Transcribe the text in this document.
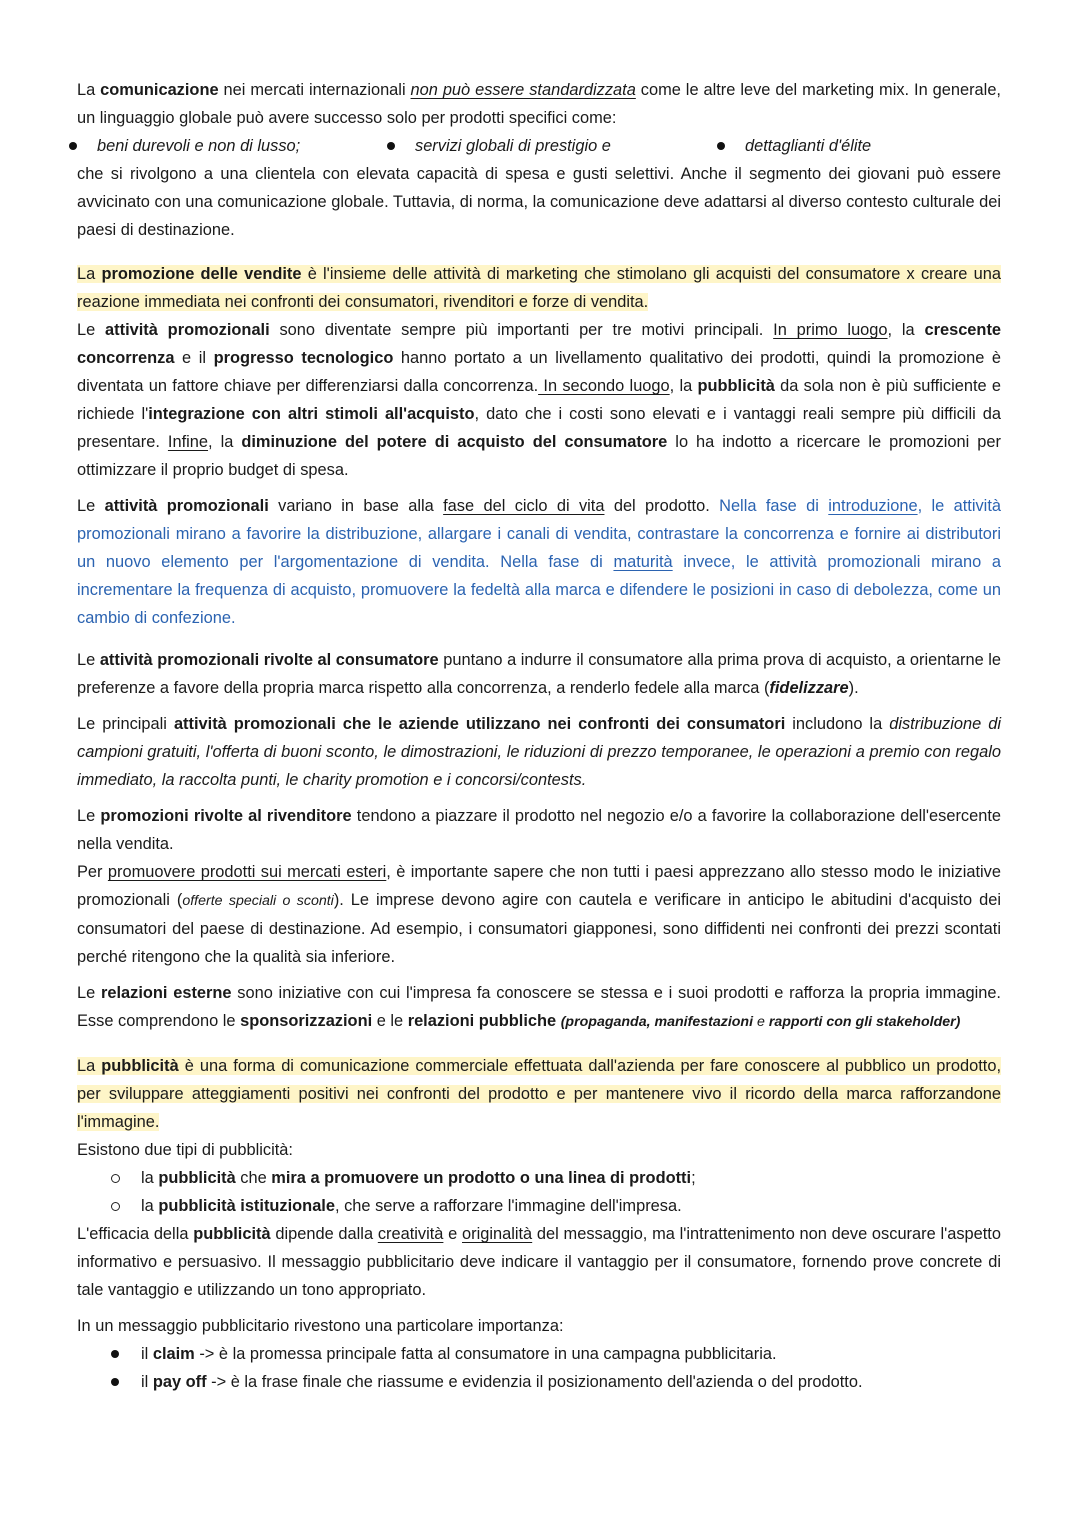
La comunicazione nei mercati internazionali non può essere standardizzata come le altre leve del marketing mix. In generale, un linguaggio globale può avere successo solo per prodotti specifici come:

beni durevoli e non di lusso;	servizi globali di prestigio e	dettaglianti d'élite

che si rivolgono a una clientela con elevata capacità di spesa e gusti selettivi. Anche il segmento dei giovani può essere avvicinato con una comunicazione globale. Tuttavia, di norma, la comunicazione deve adattarsi al diverso contesto culturale dei paesi di destinazione.

La promozione delle vendite è l'insieme delle attività di marketing che stimolano gli acquisti del consumatore x creare una reazione immediata nei confronti dei consumatori, rivenditori e forze di vendita.

Le attività promozionali sono diventate sempre più importanti per tre motivi principali. In primo luogo, la crescente concorrenza e il progresso tecnologico hanno portato a un livellamento qualitativo dei prodotti, quindi la promozione è diventata un fattore chiave per differenziarsi dalla concorrenza. In secondo luogo, la pubblicità da sola non è più sufficiente e richiede l'integrazione con altri stimoli all'acquisto, dato che i costi sono elevati e i vantaggi reali sempre più difficili da presentare. Infine, la diminuzione del potere di acquisto del consumatore lo ha indotto a ricercare le promozioni per ottimizzare il proprio budget di spesa.

Le attività promozionali variano in base alla fase del ciclo di vita del prodotto. Nella fase di introduzione, le attività promozionali mirano a favorire la distribuzione, allargare i canali di vendita, contrastare la concorrenza e fornire ai distributori un nuovo elemento per l'argomentazione di vendita. Nella fase di maturità invece, le attività promozionali mirano a incrementare la frequenza di acquisto, promuovere la fedeltà alla marca e difendere le posizioni in caso di debolezza, come un cambio di confezione.

Le attività promozionali rivolte al consumatore puntano a indurre il consumatore alla prima prova di acquisto, a orientarne le preferenze a favore della propria marca rispetto alla concorrenza, a renderlo fedele alla marca (fidelizzare).

Le principali attività promozionali che le aziende utilizzano nei confronti dei consumatori includono la distribuzione di campioni gratuiti, l'offerta di buoni sconto, le dimostrazioni, le riduzioni di prezzo temporanee, le operazioni a premio con regalo immediato, la raccolta punti, le charity promotion e i concorsi/contests.

Le promozioni rivolte al rivenditore tendono a piazzare il prodotto nel negozio e/o a favorire la collaborazione dell'esercente nella vendita.

Per promuovere prodotti sui mercati esteri, è importante sapere che non tutti i paesi apprezzano allo stesso modo le iniziative promozionali (offerte speciali o sconti). Le imprese devono agire con cautela e verificare in anticipo le abitudini d'acquisto dei consumatori del paese di destinazione. Ad esempio, i consumatori giapponesi, sono diffidenti nei confronti dei prezzi scontati perché ritengono che la qualità sia inferiore.

Le relazioni esterne sono iniziative con cui l'impresa fa conoscere se stessa e i suoi prodotti e rafforza la propria immagine. Esse comprendono le sponsorizzazioni e le relazioni pubbliche (propaganda, manifestazioni e rapporti con gli stakeholder)

La pubblicità è una forma di comunicazione commerciale effettuata dall'azienda per fare conoscere al pubblico un prodotto, per sviluppare atteggiamenti positivi nei confronti del prodotto e per mantenere vivo il ricordo della marca rafforzandone l'immagine.

Esistono due tipi di pubblicità:

la pubblicità che mira a promuovere un prodotto o una linea di prodotti;
la pubblicità istituzionale, che serve a rafforzare l'immagine dell'impresa.

L'efficacia della pubblicità dipende dalla creatività e originalità del messaggio, ma l'intrattenimento non deve oscurare l'aspetto informativo e persuasivo. Il messaggio pubblicitario deve indicare il vantaggio per il consumatore, fornendo prove concrete di tale vantaggio e utilizzando un tono appropriato.

In un messaggio pubblicitario rivestono una particolare importanza:

il claim -> è la promessa principale fatta al consumatore in una campagna pubblicitaria.
il pay off -> è la frase finale che riassume e evidenzia il posizionamento dell'azienda o del prodotto.
